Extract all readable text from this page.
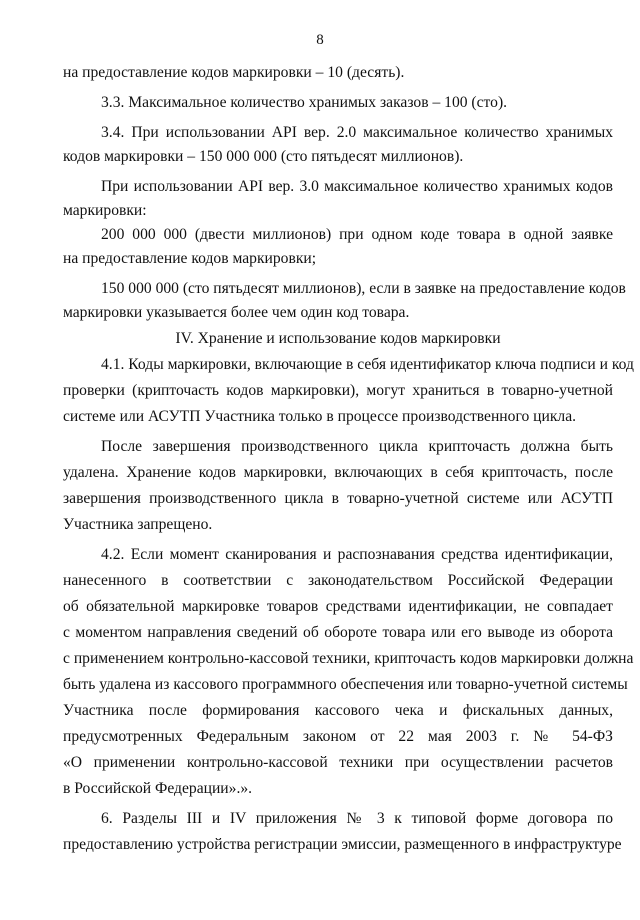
8
на предоставление кодов маркировки – 10 (десять).
3.3. Максимальное количество хранимых заказов – 100 (сто).
3.4. При использовании API вер. 2.0 максимальное количество хранимых
кодов маркировки – 150 000 000 (сто пятьдесят миллионов).
При использовании API вер. 3.0 максимальное количество хранимых кодов
маркировки:
200 000 000 (двести миллионов) при одном коде товара в одной заявке
на предоставление кодов маркировки;
150 000 000 (сто пятьдесят миллионов), если в заявке на предоставление кодов
маркировки указывается более чем один код товара.
IV. Хранение и использование кодов маркировки
4.1. Коды маркировки, включающие в себя идентификатор ключа подписи и код
проверки (крипточасть кодов маркировки), могут храниться в товарно-учетной
системе или АСУТП Участника только в процессе производственного цикла.
После завершения производственного цикла крипточасть должна быть
удалена. Хранение кодов маркировки, включающих в себя крипточасть, после
завершения производственного цикла в товарно-учетной системе или АСУТП
Участника запрещено.
4.2. Если момент сканирования и распознавания средства идентификации,
нанесенного в соответствии с законодательством Российской Федерации
об обязательной маркировке товаров средствами идентификации, не совпадает
с моментом направления сведений об обороте товара или его выводе из оборота
с применением контрольно-кассовой техники, крипточасть кодов маркировки должна
быть удалена из кассового программного обеспечения или товарно-учетной системы
Участника после формирования кассового чека и фискальных данных,
предусмотренных Федеральным законом от 22 мая 2003 г. № 54-ФЗ
«О применении контрольно-кассовой техники при осуществлении расчетов
в Российской Федерации».».
6. Разделы III и IV приложения № 3 к типовой форме договора по
предоставлению устройства регистрации эмиссии, размещенного в инфраструктуре
